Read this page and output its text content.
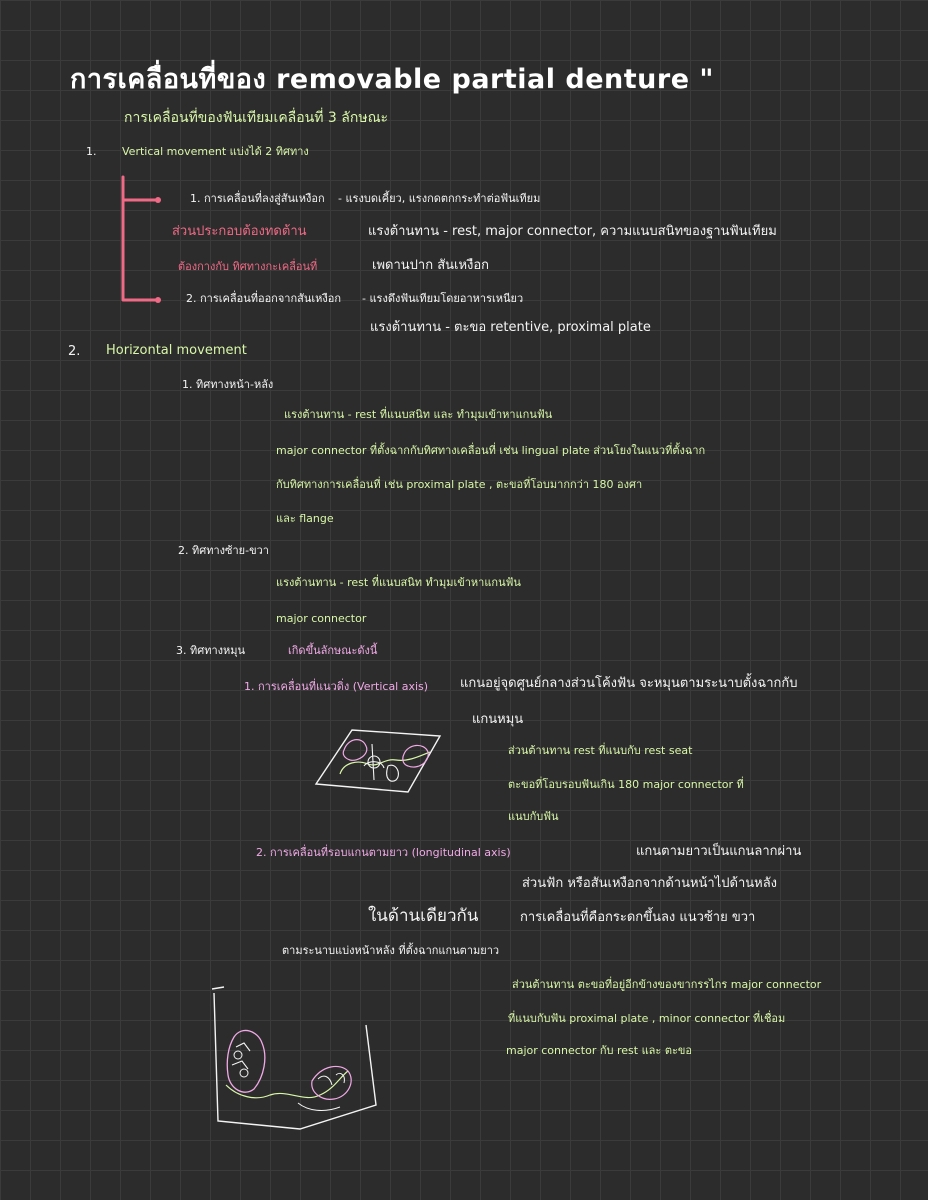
การเคลื่อนที่ของ removable partial denture "
การเคลื่อนที่ของฟันเทียมเคลื่อนที่ 3 ลักษณะ
1. Vertical movement แบ่งได้ 2 ทิศทาง
1. การเคลื่อนที่ลงสู่สันเหงือก - แรงบดเคี้ยว, แรงกดตกกระทำต่อฟันเทียม
ส่วนประกอบต้องทดต้าน
ต้องกางกับ ทิศทางกะเคลื่อนที่
แรงต้านทาน - rest, major connector, ความแนบสนิทของฐานฟันเทียม
เพดานปาก สันเหงือก
2. การเคลื่อนที่ออกจากสันเหงือก - แรงดึงฟันเทียมโดยอาหารเหนียว
แรงต้านทาน - ตะขอ retentive, proximal plate
2. Horizontal movement
1. ทิศทางหน้า-หลัง
แรงต้านทาน - rest ที่แนบสนิท และ ทำมุมเข้าหาแกนฟัน
major connector ที่ตั้งฉากกับทิศทางเคลื่อนที่ เช่น lingual plate ส่วนโยงในแนวที่ตั้งฉาก
กับทิศทางการเคลื่อนที่ เช่น proximal plate , ตะขอที่โอบมากกว่า 180 องศา
และ flange
2. ทิศทางซ้าย-ขวา
แรงต้านทาน - rest ที่แนบสนิท ทำมุมเข้าหาแกนฟัน
major connector
3. ทิศทางหมุน	เกิดขึ้นลักษณะดังนี้
1. การเคลื่อนที่แนวดิ่ง (Vertical axis) แกนอยู่จุดศูนย์กลางส่วนโค้งฟัน จะหมุนตามระนาบตั้งฉากกับ
แกนหมุน
ส่วนต้านทาน rest ที่แนบกับ rest seat
ตะขอที่โอบรอบฟันเกิน 180 major connector ที่
แนบกับฟัน
2. การเคลื่อนที่รอบแกนตามยาว (longitudinal axis)	แกนตามยาวเป็นแกนลากผ่าน
ส่วนฟัก หรือสันเหงือกจากด้านหน้าไปด้านหลัง
ในด้านเดียวกัน	การเคลื่อนที่คือกระดกขึ้นลง แนวซ้าย ขวา
ตามระนาบแบ่งหน้าหลัง ที่ตั้งฉากแกนตามยาว
ส่วนต้านทาน ตะขอที่อยู่อีกข้างของขากรรไกร major connector
ที่แนบกับฟัน proximal plate , minor connector ที่เชื่อม
major connector กับ rest และ ตะขอ
